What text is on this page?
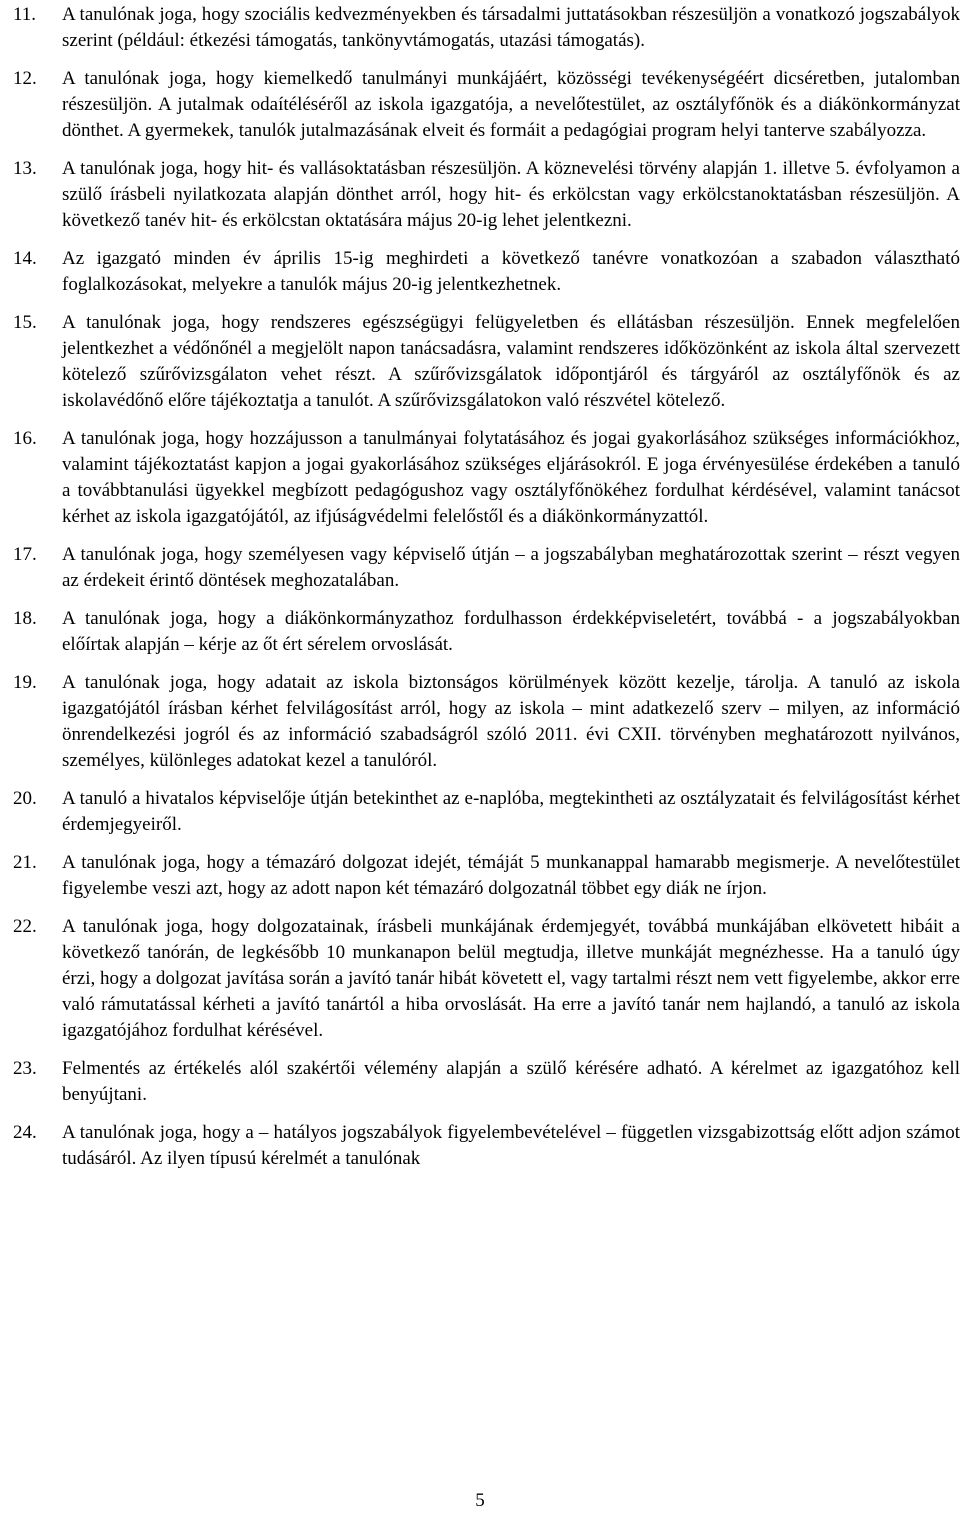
11. A tanulónak joga, hogy szociális kedvezményekben és társadalmi juttatásokban részesüljön a vonatkozó jogszabályok szerint (például: étkezési támogatás, tankönyvtámogatás, utazási támogatás).

12. A tanulónak joga, hogy kiemelkedő tanulmányi munkájáért, közösségi tevékenységéért dicséretben, jutalomban részesüljön. A jutalmak odaítéléséről az iskola igazgatója, a nevelőtestület, az osztályfőnök és a diákönkormányzat dönthet. A gyermekek, tanulók jutalmazásának elveit és formáit a pedagógiai program helyi tanterve szabályozza.

13. A tanulónak joga, hogy hit- és vallásoktatásban részesüljön. A köznevelési törvény alapján 1. illetve 5. évfolyamon a szülő írásbeli nyilatkozata alapján dönthet arról, hogy hit- és erkölcstan vagy erkölcstanoktatásban részesüljön. A következő tanév hit- és erkölcstan oktatására május 20-ig lehet jelentkezni.

14. Az igazgató minden év április 15-ig meghirdeti a következő tanévre vonatkozóan a szabadon választható foglalkozásokat, melyekre a tanulók május 20-ig jelentkezhetnek.

15. A tanulónak joga, hogy rendszeres egészségügyi felügyeletben és ellátásban részesüljön. Ennek megfelelően jelentkezhet a védőnőnél a megjelölt napon tanácsadásra, valamint rendszeres időközönként az iskola által szervezett kötelező szűrővizsgálaton vehet részt. A szűrővizsgálatok időpontjáról és tárgyáról az osztályfőnök és az iskolavédőnő előre tájékoztatja a tanulót. A szűrővizsgálatokon való részvétel kötelező.

16. A tanulónak joga, hogy hozzájusson a tanulmányai folytatásához és jogai gyakorlásához szükséges információkhoz, valamint tájékoztatást kapjon a jogai gyakorlásához szükséges eljárásokról. E joga érvényesülése érdekében a tanuló a továbbtanulási ügyekkel megbízott pedagógushoz vagy osztályfőnökéhez fordulhat kérdésével, valamint tanácsot kérhet az iskola igazgatójától, az ifjúságvédelmi felelőstől és a diákönkormányzattól.

17. A tanulónak joga, hogy személyesen vagy képviselő útján – a jogszabályban meghatározottak szerint – részt vegyen az érdekeit érintő döntések meghozatalában.

18. A tanulónak joga, hogy a diákönkormányzathoz fordulhasson érdekképviseletért, továbbá - a jogszabályokban előírtak alapján – kérje az őt ért sérelem orvoslását.

19. A tanulónak joga, hogy adatait az iskola biztonságos körülmények között kezelje, tárolja. A tanuló az iskola igazgatójától írásban kérhet felvilágosítást arról, hogy az iskola – mint adatkezelő szerv – milyen, az információ önrendelkezési jogról és az információ szabadságról szóló 2011. évi CXII. törvényben meghatározott nyilvános, személyes, különleges adatokat kezel a tanulóról.

20. A tanuló a hivatalos képviselője útján betekinthet az e-naplóba, megtekintheti az osztályzatait és felvilágosítást kérhet érdemjegyeiről.

21. A tanulónak joga, hogy a témazáró dolgozat idejét, témáját 5 munkanappal hamarabb megismerje. A nevelőtestület figyelembe veszi azt, hogy az adott napon két témazáró dolgozatnál többet egy diák ne írjon.

22. A tanulónak joga, hogy dolgozatainak, írásbeli munkájának érdemjegyét, továbbá munkájában elkövetett hibáit a következő tanórán, de legkésőbb 10 munkanapon belül megtudja, illetve munkáját megnézhesse. Ha a tanuló úgy érzi, hogy a dolgozat javítása során a javító tanár hibát követett el, vagy tartalmi részt nem vett figyelembe, akkor erre való rámutatással kérheti a javító tanártól a hiba orvoslását. Ha erre a javító tanár nem hajlandó, a tanuló az iskola igazgatójához fordulhat kérésével.

23. Felmentés az értékelés alól szakértői vélemény alapján a szülő kérésére adható. A kérelmet az igazgatóhoz kell benyújtani.

24. A tanulónak joga, hogy a – hatályos jogszabályok figyelembevételével – független vizsgabizottság előtt adjon számot tudásáról. Az ilyen típusú kérelmét a tanulónak

5
